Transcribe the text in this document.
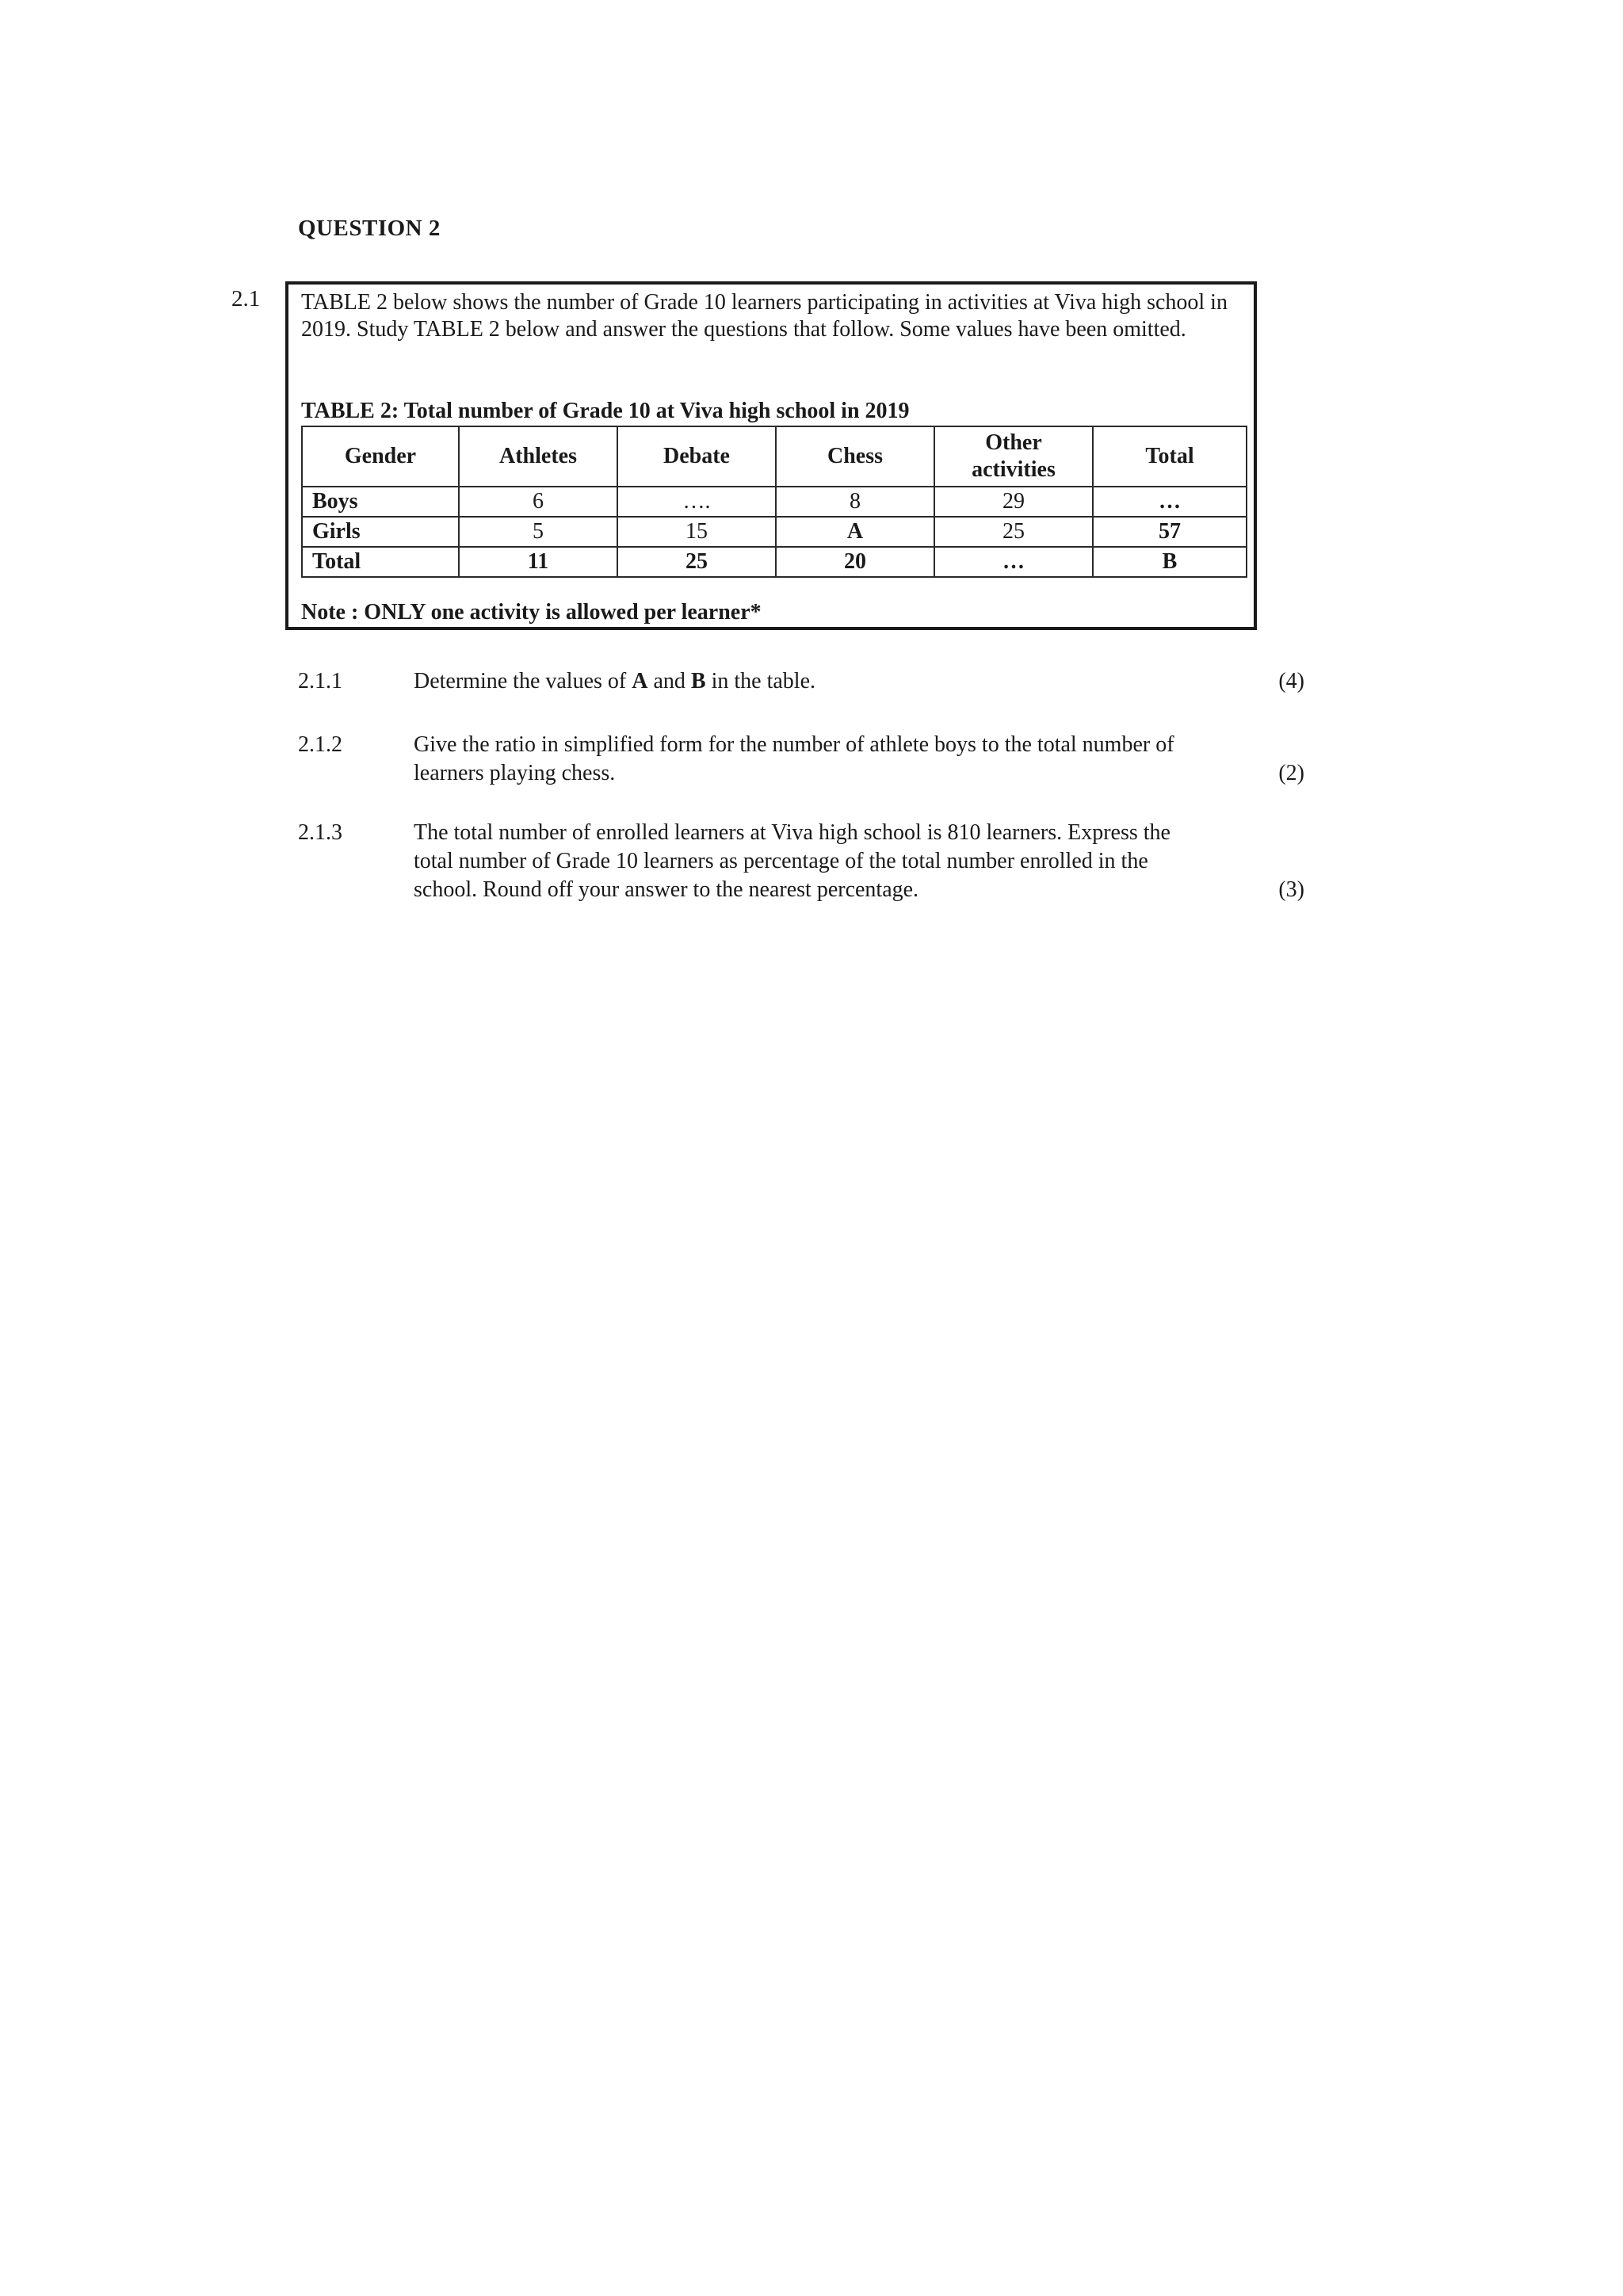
QUESTION 2
2.1 TABLE 2 below shows the number of Grade 10 learners participating in activities at Viva high school in 2019. Study TABLE 2 below and answer the questions that follow. Some values have been omitted.
TABLE 2: Total number of Grade 10 at Viva high school in 2019
Gender	Athletes	Debate	Chess	Other activities	Total
Boys	6	….	8	29	…
Girls	5	15	A	25	57
Total	11	25	20	…	B
Note : ONLY one activity is allowed per learner*
2.1.1	Determine the values of A and B in the table.	(4)
2.1.2	Give the ratio in simplified form for the number of athlete boys to the total number of learners playing chess.	(2)
2.1.3	The total number of enrolled learners at Viva high school is 810 learners. Express the total number of Grade 10 learners as percentage of the total number enrolled in the school. Round off your answer to the nearest percentage.	(3)
